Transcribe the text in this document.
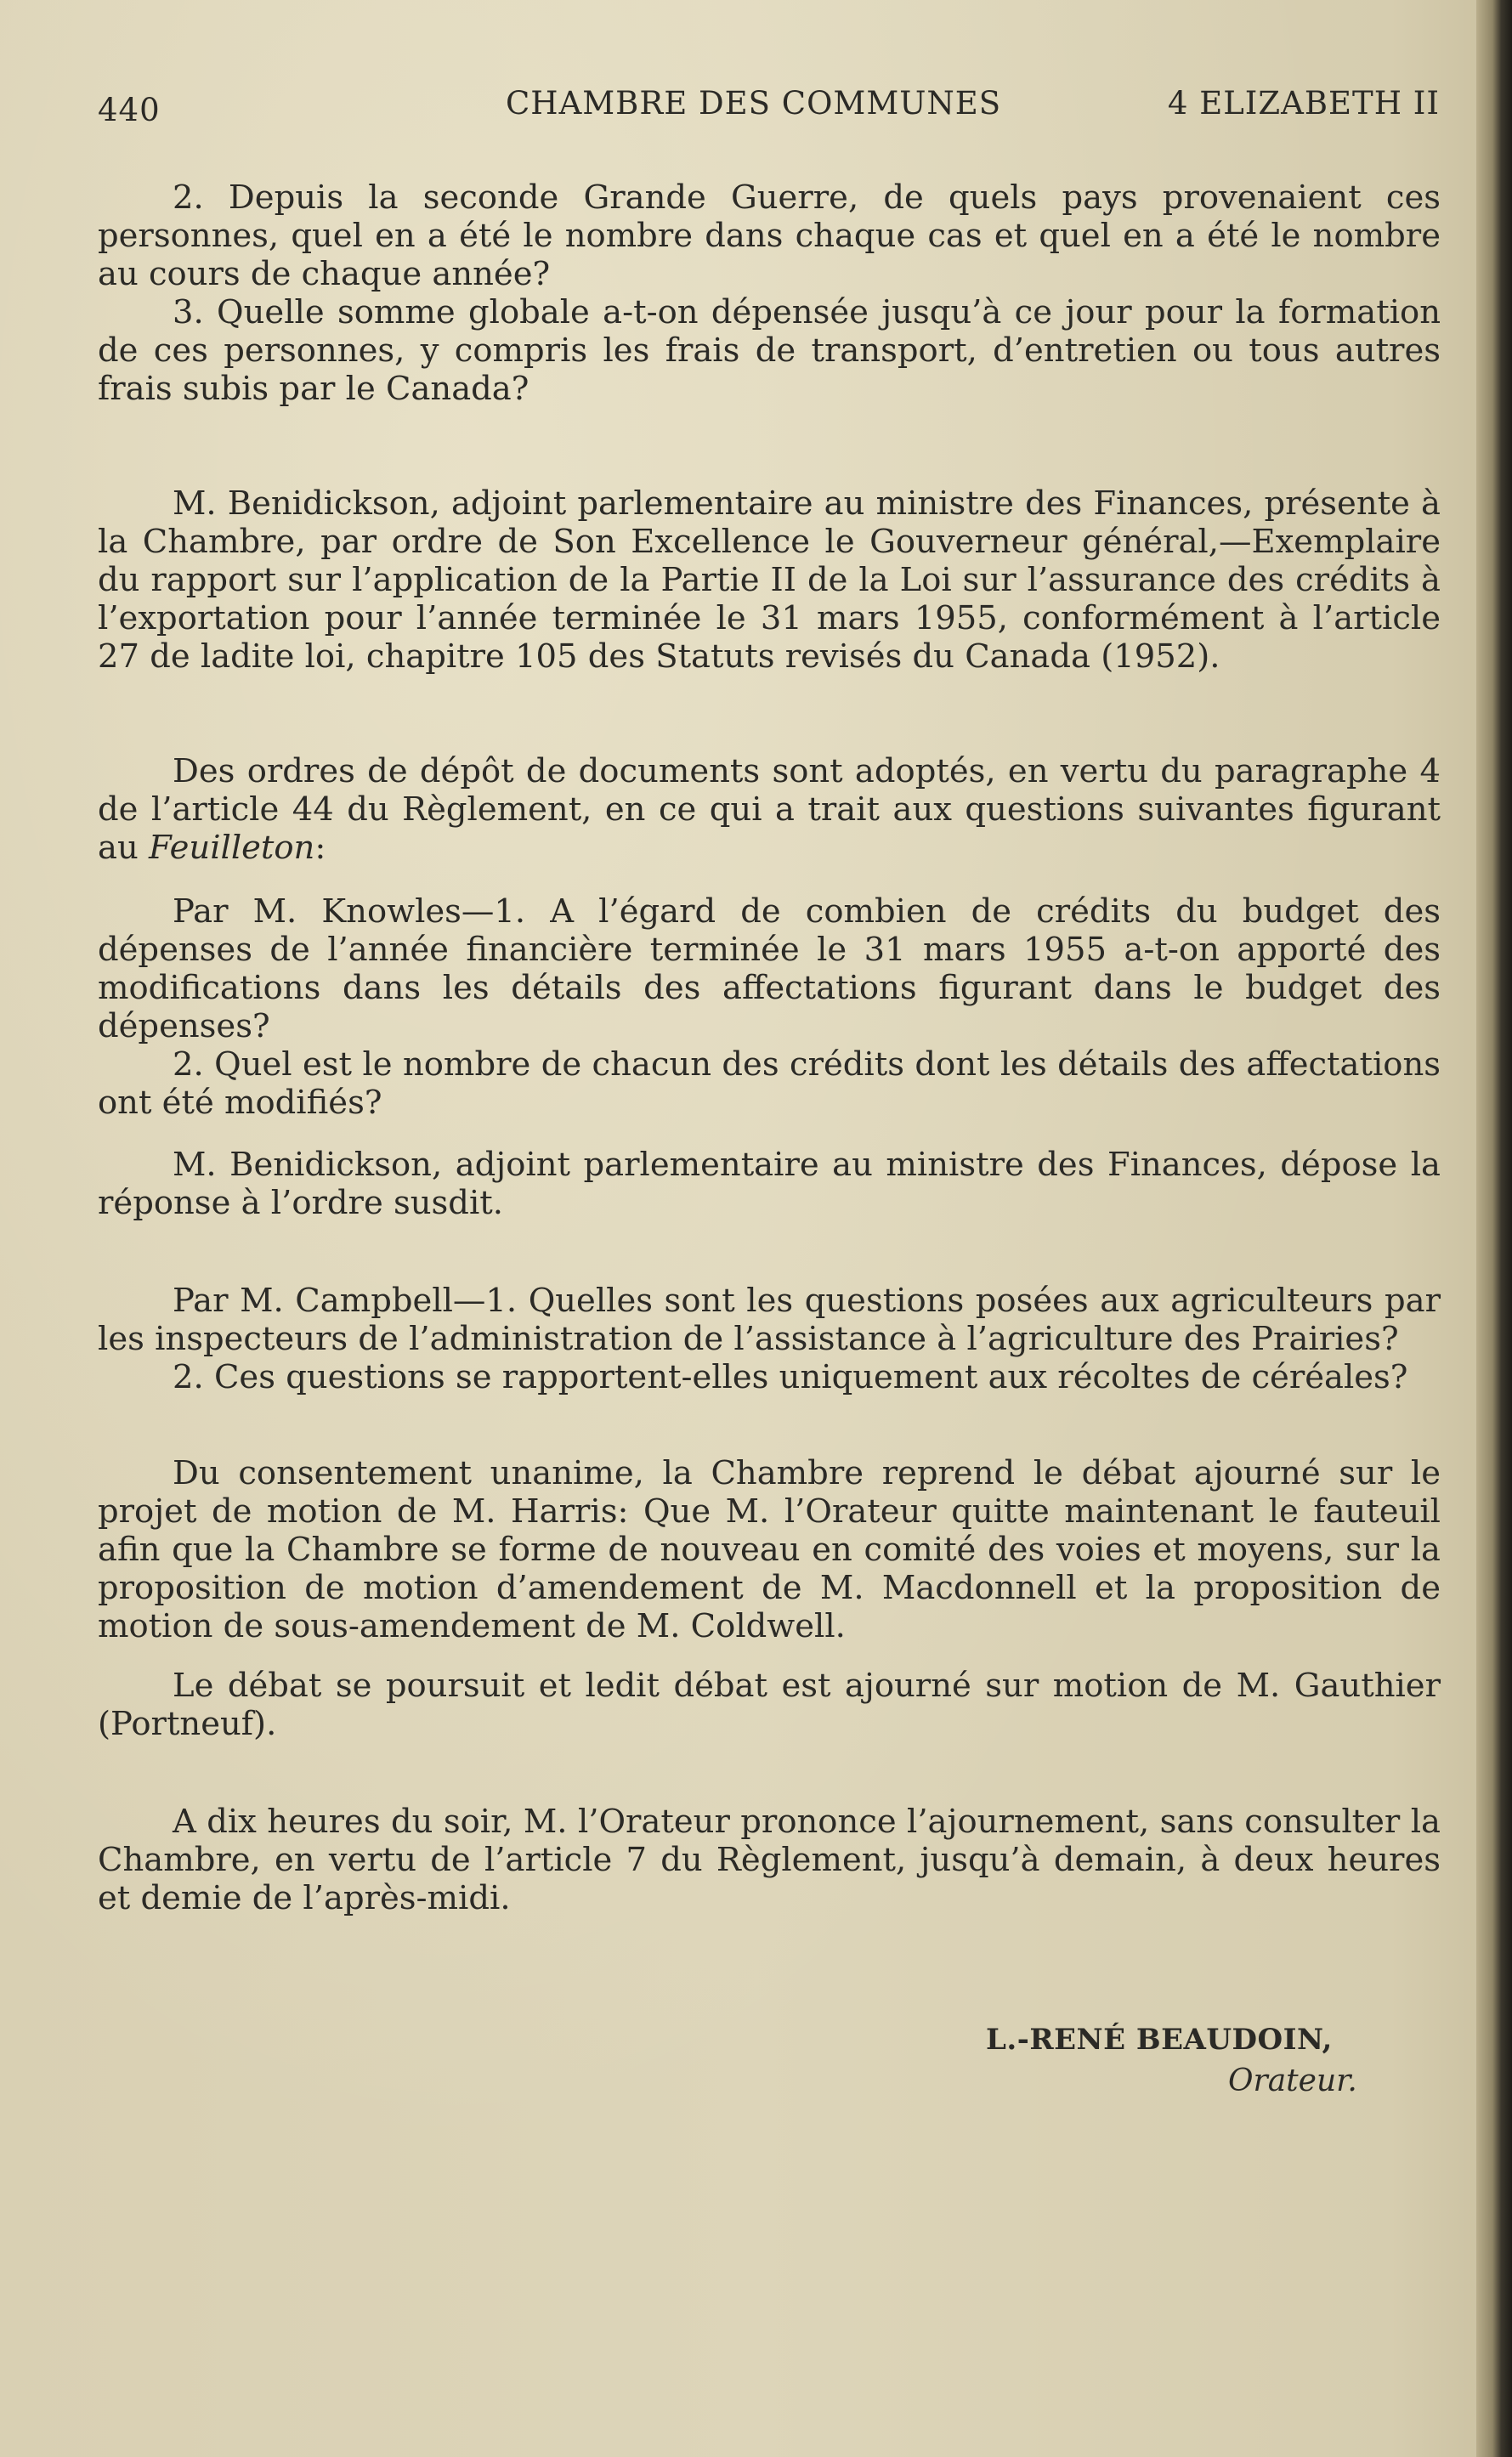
440	CHAMBRE DES COMMUNES	4 ELIZABETH II

2. Depuis la seconde Grande Guerre, de quels pays provenaient ces personnes, quel en a été le nombre dans chaque cas et quel en a été le nombre au cours de chaque année?

3. Quelle somme globale a-t-on dépensée jusqu’à ce jour pour la formation de ces personnes, y compris les frais de transport, d’entretien ou tous autres frais subis par le Canada?

M. Benidickson, adjoint parlementaire au ministre des Finances, présente à la Chambre, par ordre de Son Excellence le Gouverneur général,—Exemplaire du rapport sur l’application de la Partie II de la Loi sur l’assurance des crédits à l’exportation pour l’année terminée le 31 mars 1955, conformément à l’article 27 de ladite loi, chapitre 105 des Statuts revisés du Canada (1952).

Des ordres de dépôt de documents sont adoptés, en vertu du paragraphe 4 de l’article 44 du Règlement, en ce qui a trait aux questions suivantes figurant au Feuilleton:

Par M. Knowles—1. A l’égard de combien de crédits du budget des dépenses de l’année financière terminée le 31 mars 1955 a-t-on apporté des modifications dans les détails des affectations figurant dans le budget des dépenses?

2. Quel est le nombre de chacun des crédits dont les détails des affectations ont été modifiés?

M. Benidickson, adjoint parlementaire au ministre des Finances, dépose la réponse à l’ordre susdit.

Par M. Campbell—1. Quelles sont les questions posées aux agriculteurs par les inspecteurs de l’administration de l’assistance à l’agriculture des Prairies?

2. Ces questions se rapportent-elles uniquement aux récoltes de céréales?

Du consentement unanime, la Chambre reprend le débat ajourné sur le projet de motion de M. Harris: Que M. l’Orateur quitte maintenant le fauteuil afin que la Chambre se forme de nouveau en comité des voies et moyens, sur la proposition de motion d’amendement de M. Macdonnell et la proposition de motion de sous-amendement de M. Coldwell.

Le débat se poursuit et ledit débat est ajourné sur motion de M. Gauthier (Portneuf).

A dix heures du soir, M. l’Orateur prononce l’ajournement, sans consulter la Chambre, en vertu de l’article 7 du Règlement, jusqu’à demain, à deux heures et demie de l’après-midi.

L.-RENÉ BEAUDOIN,
Orateur.
